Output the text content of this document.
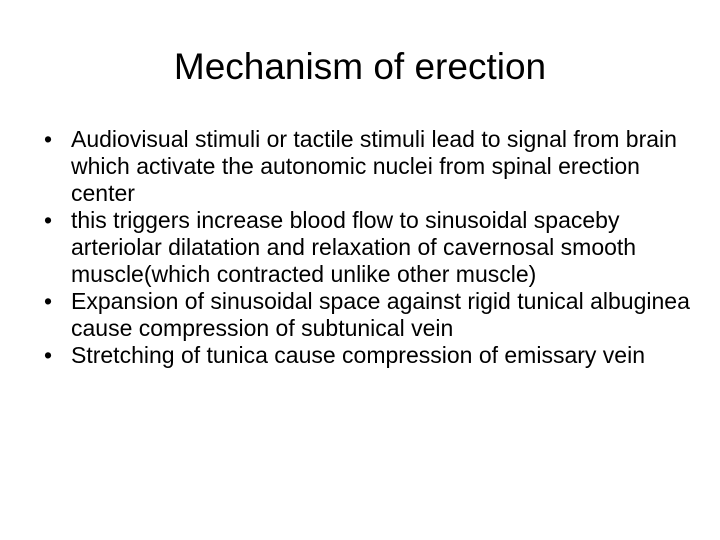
Mechanism of erection
• Audiovisual stimuli or tactile stimuli lead to signal from brain which activate the autonomic nuclei from spinal erection center
• this triggers increase blood flow to sinusoidal spaceby arteriolar dilatation and relaxation of cavernosal smooth muscle(which contracted unlike other muscle)
• Expansion of sinusoidal space against rigid tunical albuginea cause compression of subtunical vein
• Stretching of tunica cause compression of emissary vein
